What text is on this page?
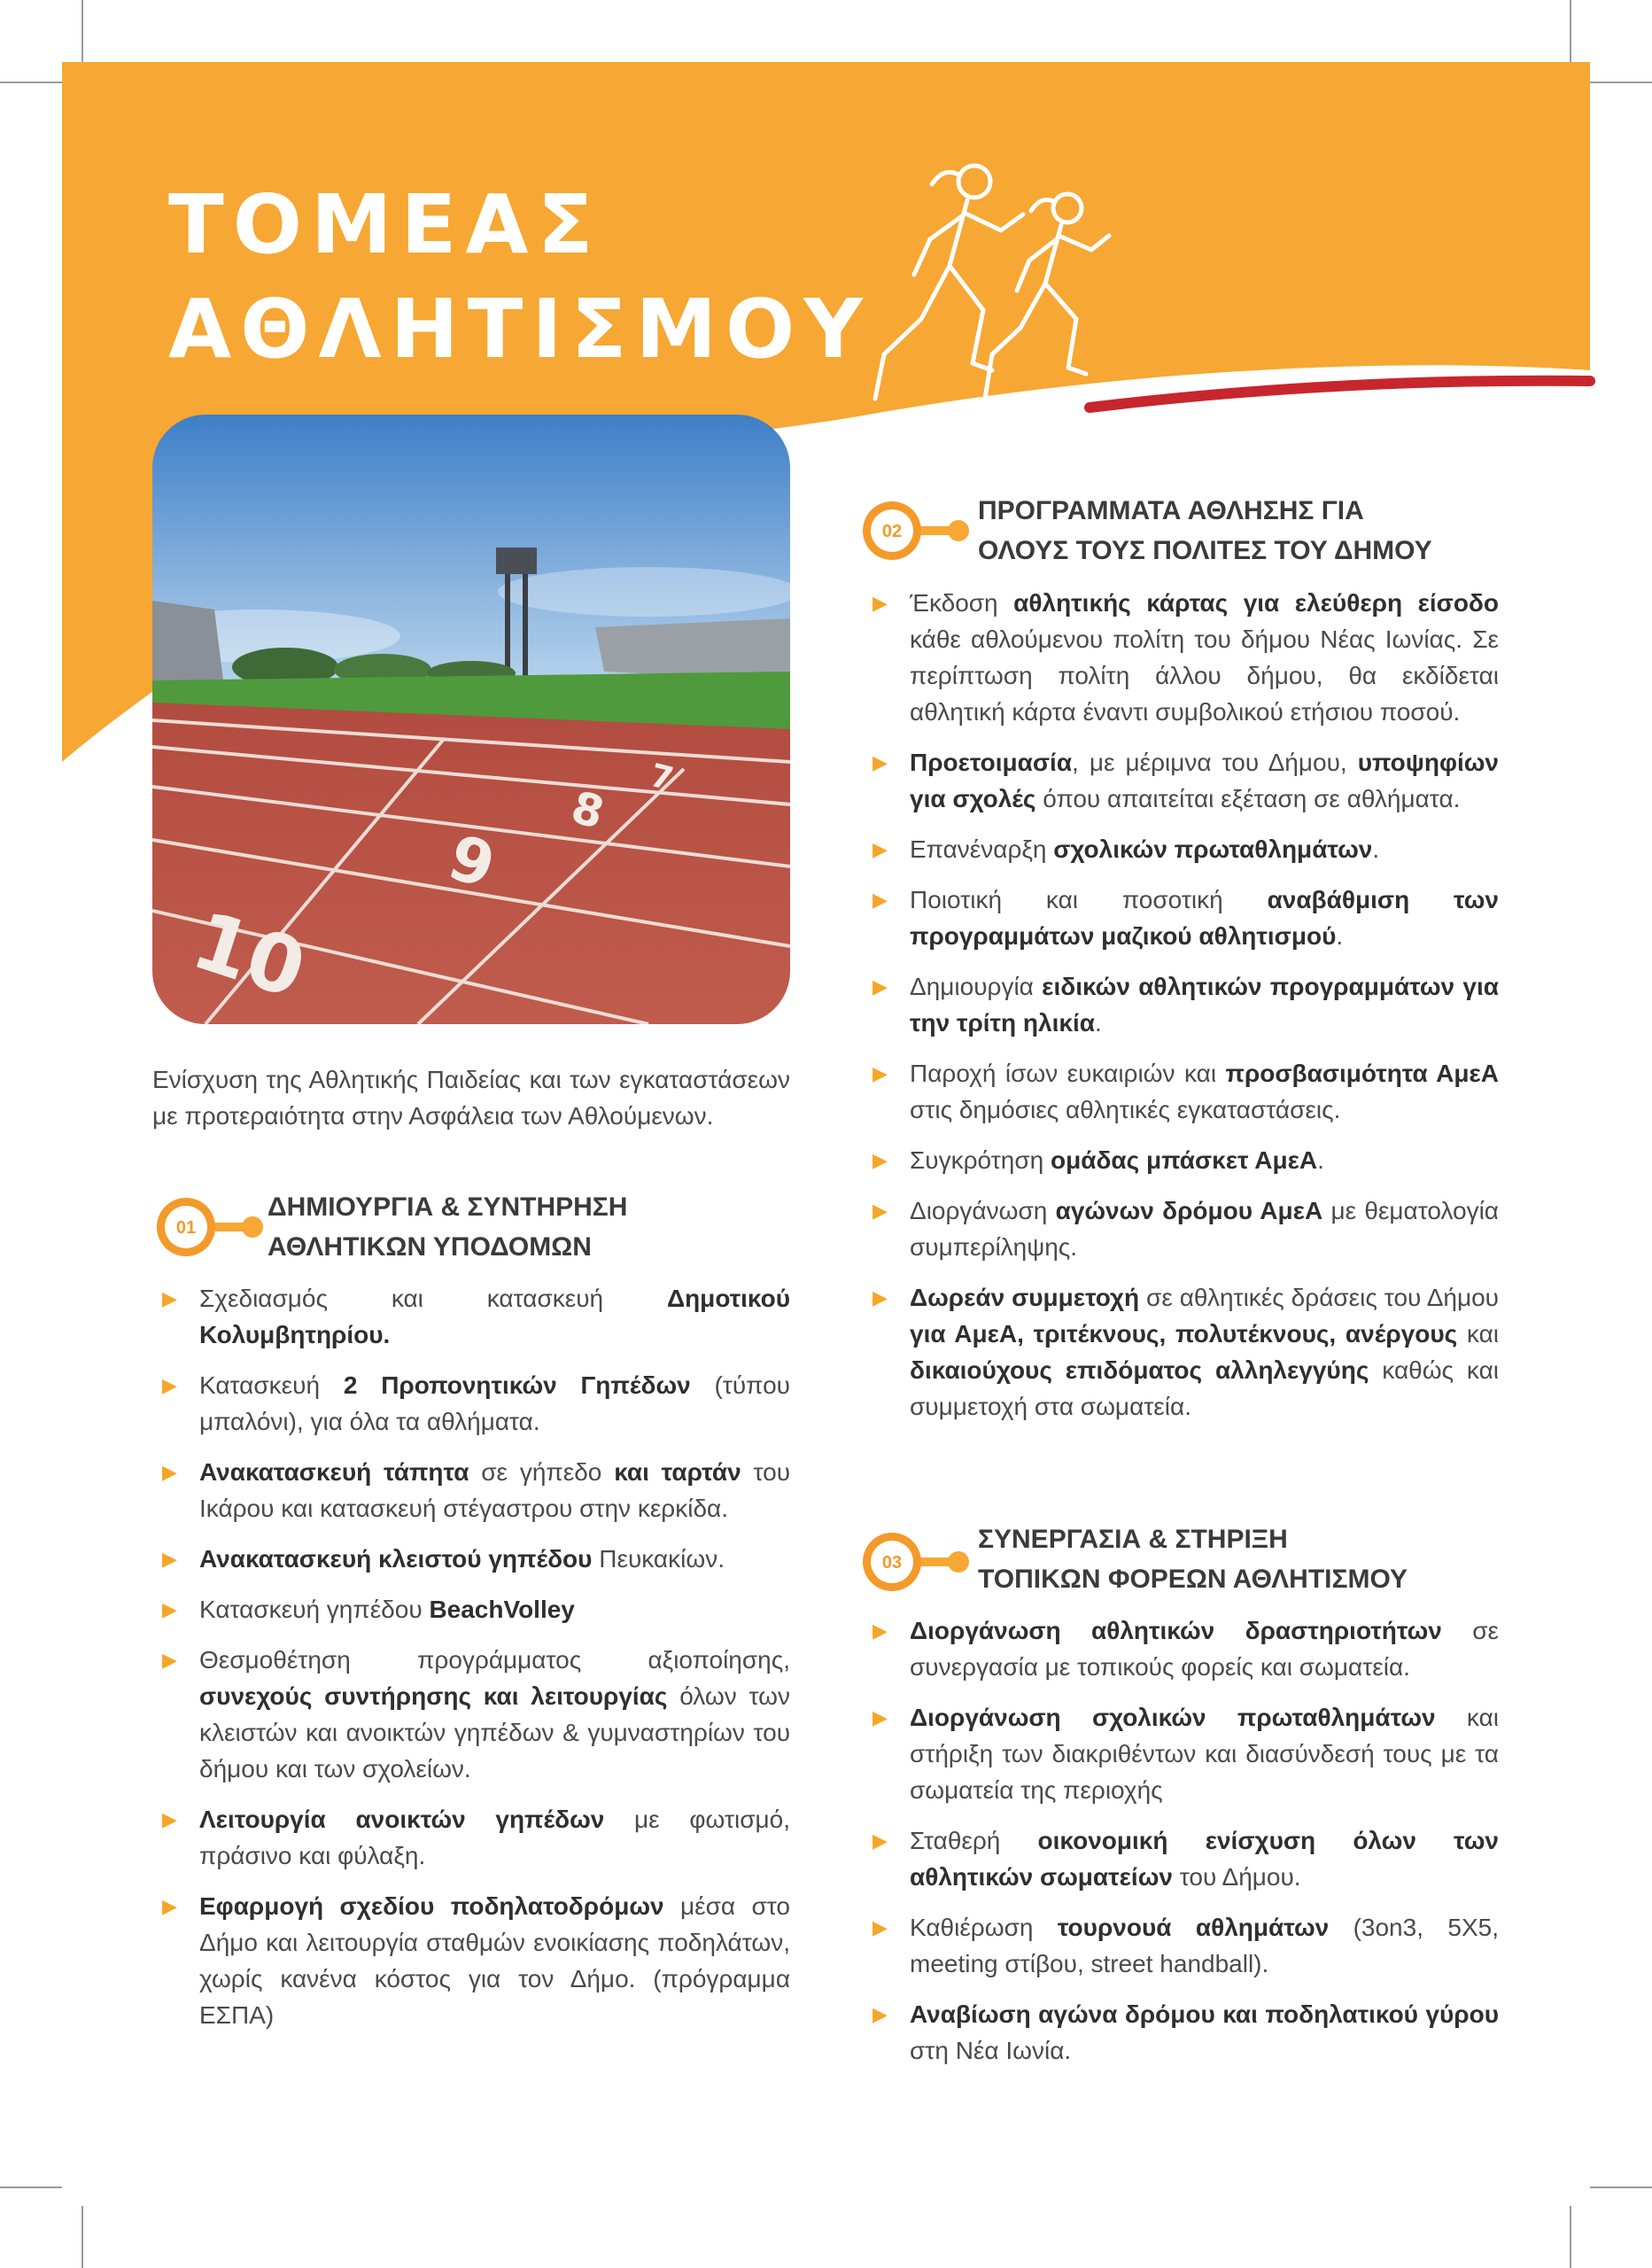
ΤΟΜΕΑΣ
ΑΘΛΗΤΙΣΜΟΥ
10
9
8
7

Ενίσχυση της Αθλητικής Παιδείας και των εγκαταστάσεων με προτεραιότητα στην Ασφάλεια των Αθλούμενων.

01
ΔΗΜΙΟΥΡΓΙΑ & ΣΥΝΤΗΡΗΣΗ
ΑΘΛΗΤΙΚΩΝ ΥΠΟΔΟΜΩΝ
▶ Σχεδιασμός και κατασκευή Δημοτικού Κολυμβητηρίου.
▶ Κατασκευή 2 Προπονητικών Γηπέδων (τύπου μπαλόνι), για όλα τα αθλήματα.
▶ Ανακατασκευή τάπητα σε γήπεδο και ταρτάν του Ικάρου και κατασκευή στέγαστρου στην κερκίδα.
▶ Ανακατασκευή κλειστού γηπέδου Πευκακίων.
▶ Κατασκευή γηπέδου BeachVolley
▶ Θεσμοθέτηση προγράμματος αξιοποίησης, συνεχούς συντήρησης και λειτουργίας όλων των κλειστών και ανοικτών γηπέδων & γυμναστηρίων του δήμου και των σχολείων.
▶ Λειτουργία ανοικτών γηπέδων με φωτισμό, πράσινο και φύλαξη.
▶ Εφαρμογή σχεδίου ποδηλατοδρόμων μέσα στο Δήμο και λειτουργία σταθμών ενοικίασης ποδηλάτων, χωρίς κανένα κόστος για τον Δήμο. (πρόγραμμα ΕΣΠΑ)
02
ΠΡΟΓΡΑΜΜΑΤΑ ΑΘΛΗΣΗΣ ΓΙΑ
ΟΛΟΥΣ ΤΟΥΣ ΠΟΛΙΤΕΣ ΤΟΥ ΔΗΜΟΥ
▶ Έκδοση αθλητικής κάρτας για ελεύθερη είσοδο κάθε αθλούμενου πολίτη του δήμου Νέας Ιωνίας. Σε περίπτωση πολίτη άλλου δήμου, θα εκδίδεται αθλητική κάρτα έναντι συμβολικού ετήσιου ποσού.
▶ Προετοιμασία, με μέριμνα του Δήμου, υποψηφίων για σχολές όπου απαιτείται εξέταση σε αθλήματα.
▶ Επανέναρξη σχολικών πρωταθλημάτων.
▶ Ποιοτική και ποσοτική αναβάθμιση των προγραμμάτων μαζικού αθλητισμού.
▶ Δημιουργία ειδικών αθλητικών προγραμμάτων για την τρίτη ηλικία.
▶ Παροχή ίσων ευκαιριών και προσβασιμότητα ΑμεΑ στις δημόσιες αθλητικές εγκαταστάσεις.
▶ Συγκρότηση ομάδας μπάσκετ ΑμεΑ.
▶ Διοργάνωση αγώνων δρόμου ΑμεΑ με θεματολογία συμπερίληψης.
▶ Δωρεάν συμμετοχή σε αθλητικές δράσεις του Δήμου για ΑμεΑ, τριτέκνους, πολυτέκνους, ανέργους και δικαιούχους επιδόματος αλληλεγγύης καθώς και συμμετοχή στα σωματεία.
03
ΣΥΝΕΡΓΑΣΙΑ & ΣΤΗΡΙΞΗ
ΤΟΠΙΚΩΝ ΦΟΡΕΩΝ ΑΘΛΗΤΙΣΜΟΥ
▶ Διοργάνωση αθλητικών δραστηριοτήτων σε συνεργασία με τοπικούς φορείς και σωματεία.
▶ Διοργάνωση σχολικών πρωταθλημάτων και στήριξη των διακριθέντων και διασύνδεσή τους με τα σωματεία της περιοχής
▶ Σταθερή οικονομική ενίσχυση όλων των αθλητικών σωματείων του Δήμου.
▶ Καθιέρωση τουρνουά αθλημάτων (3on3, 5X5, meeting στίβου, street handball).
▶ Αναβίωση αγώνα δρόμου και ποδηλατικού γύρου στη Νέα Ιωνία.
